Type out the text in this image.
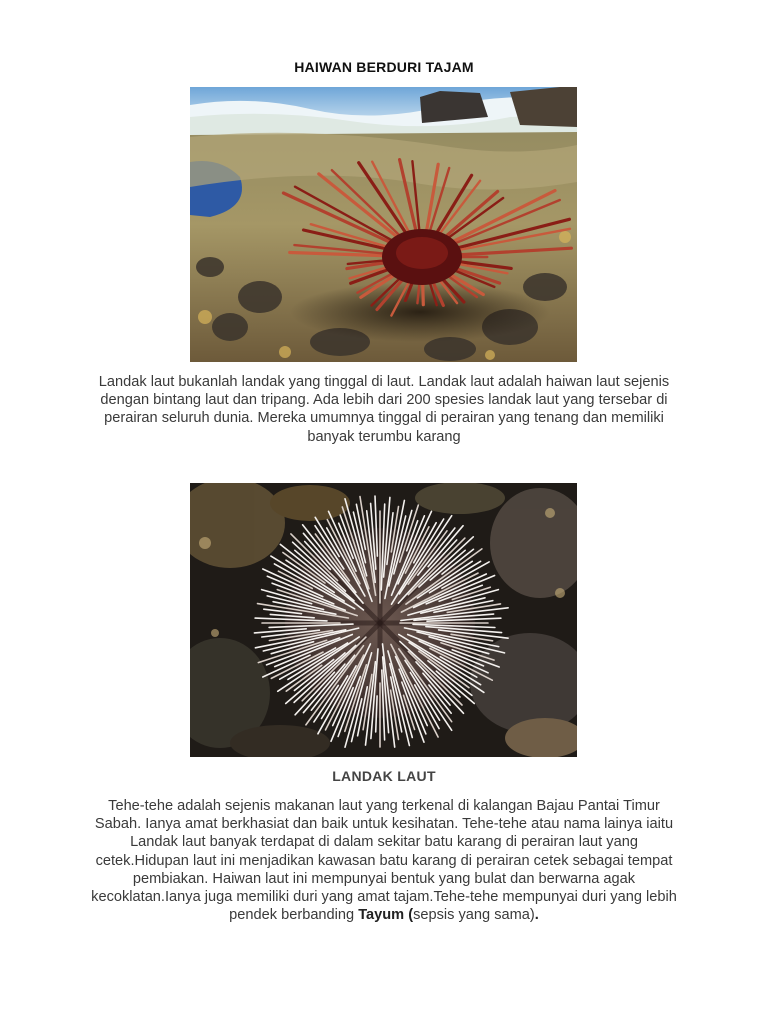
HAIWAN BERDURI TAJAM
Landak laut bukanlah landak yang tinggal di laut. Landak laut adalah haiwan laut sejenis dengan bintang laut dan tripang. Ada lebih dari 200 spesies landak laut yang tersebar di perairan seluruh dunia. Mereka umumnya tinggal di perairan yang tenang dan memiliki banyak terumbu karang
LANDAK LAUT
Tehe-tehe adalah sejenis makanan laut yang terkenal di kalangan Bajau Pantai Timur Sabah. Ianya amat berkhasiat dan baik untuk kesihatan. Tehe-tehe atau nama lainya iaitu Landak laut banyak terdapat di dalam sekitar batu karang di perairan laut yang cetek.Hidupan laut ini menjadikan kawasan batu karang di perairan cetek sebagai tempat pembiakan. Haiwan laut ini mempunyai bentuk yang bulat dan berwarna agak kecoklatan.Ianya juga memiliki duri yang amat tajam.Tehe-tehe mempunyai duri yang lebih pendek berbanding Tayum (sepsis yang sama).
